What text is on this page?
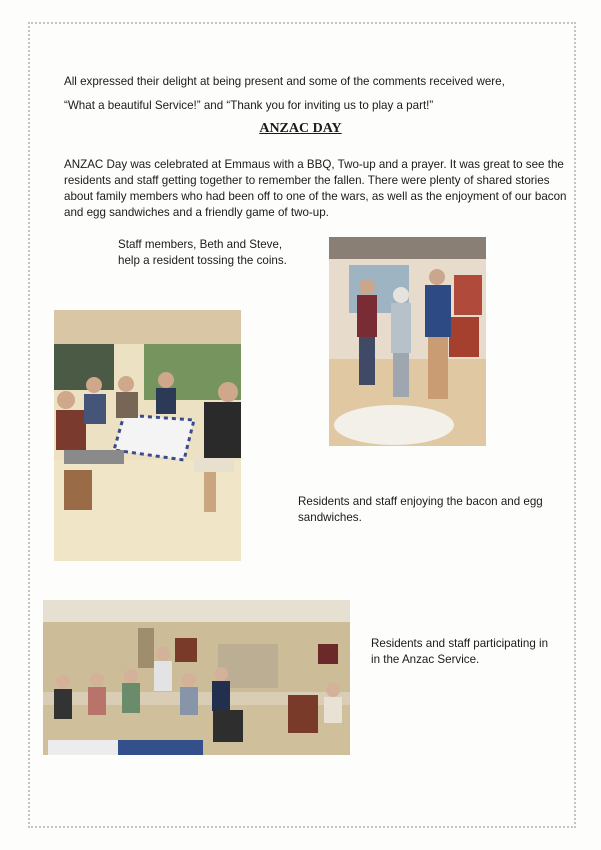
All expressed their delight at being present and some of the comments received were,
“What a beautiful Service!” and “Thank you for inviting us to play a part!”
ANZAC DAY
ANZAC Day was celebrated at Emmaus with a BBQ, Two-up and a prayer. It was great to see the
residents and staff getting together to remember the fallen. There were plenty of shared stories
about family members who had been off to one of the wars, as well as the enjoyment of our bacon
and egg sandwiches and a friendly game of two-up.
Staff members, Beth and Steve,
help a resident tossing the coins.
Residents and staff enjoying the bacon and egg
sandwiches.
Residents and staff participating in
in the Anzac Service.
